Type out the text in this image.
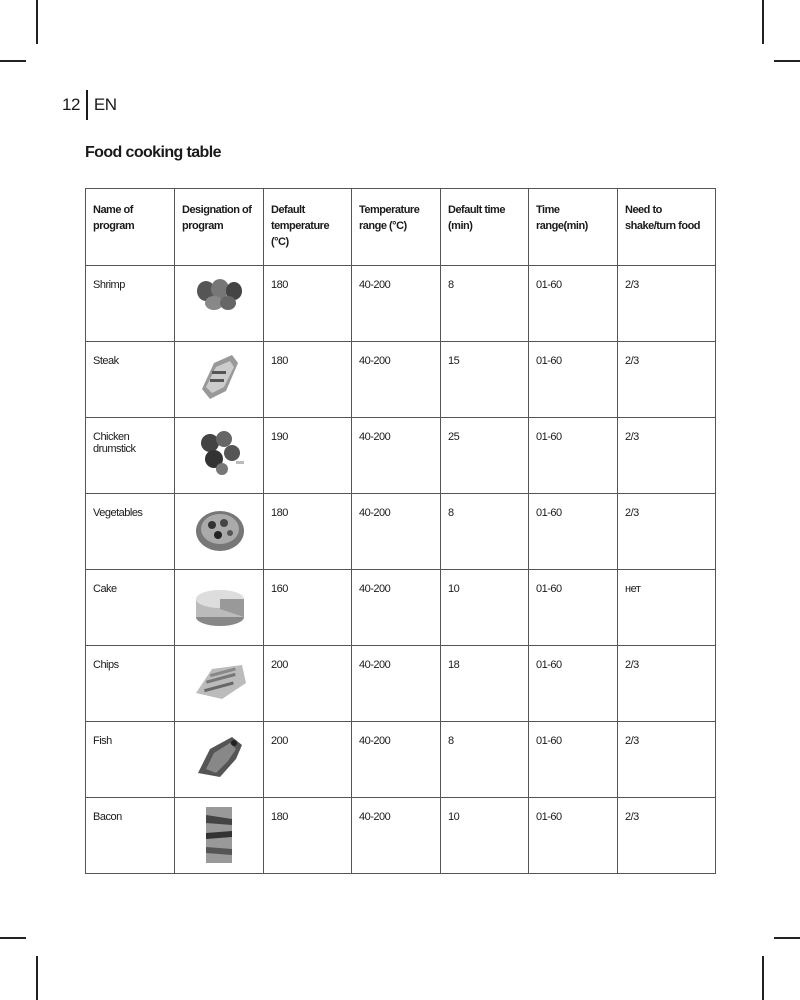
12 EN
Food cooking table
Name of program	Designation of program	Default temperature (°C)	Temperature range (°C)	Default time (min)	Time range(min)	Need to shake/turn food
Shrimp		180	40-200	8	01-60	2/3
Steak		180	40-200	15	01-60	2/3
Chicken drumstick		190	40-200	25	01-60	2/3
Vegetables		180	40-200	8	01-60	2/3
Cake		160	40-200	10	01-60	нет
Chips		200	40-200	18	01-60	2/3
Fish		200	40-200	8	01-60	2/3
Bacon		180	40-200	10	01-60	2/3
